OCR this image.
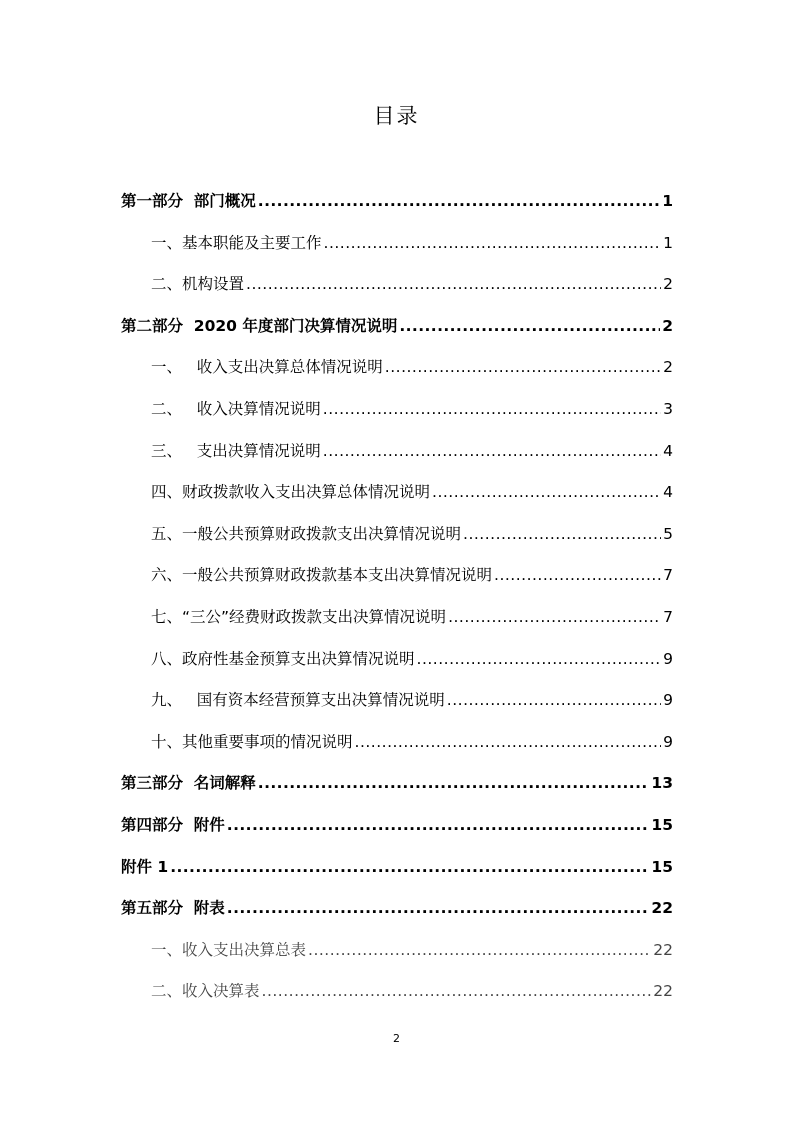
目录
第一部分  部门概况 .....	1
一、基本职能及主要工作 .....	1
二、机构设置 .....	2
第二部分  2020 年度部门决算情况说明 .....	2
一、   收入支出决算总体情况说明 .....	2
二、   收入决算情况说明 .....	3
三、   支出决算情况说明 .....	4
四、财政拨款收入支出决算总体情况说明 .....	4
五、一般公共预算财政拨款支出决算情况说明 .....	5
六、一般公共预算财政拨款基本支出决算情况说明 .....	7
七、“三公”经费财政拨款支出决算情况说明 .....	7
八、政府性基金预算支出决算情况说明 .....	9
九、   国有资本经营预算支出决算情况说明 .....	9
十、其他重要事项的情况说明 .....	9
第三部分  名词解释 .....	13
第四部分  附件 .....	15
附件 1 .....	15
第五部分  附表 .....	22
一、收入支出决算总表 .....	22
二、收入决算表 .....	22
2
